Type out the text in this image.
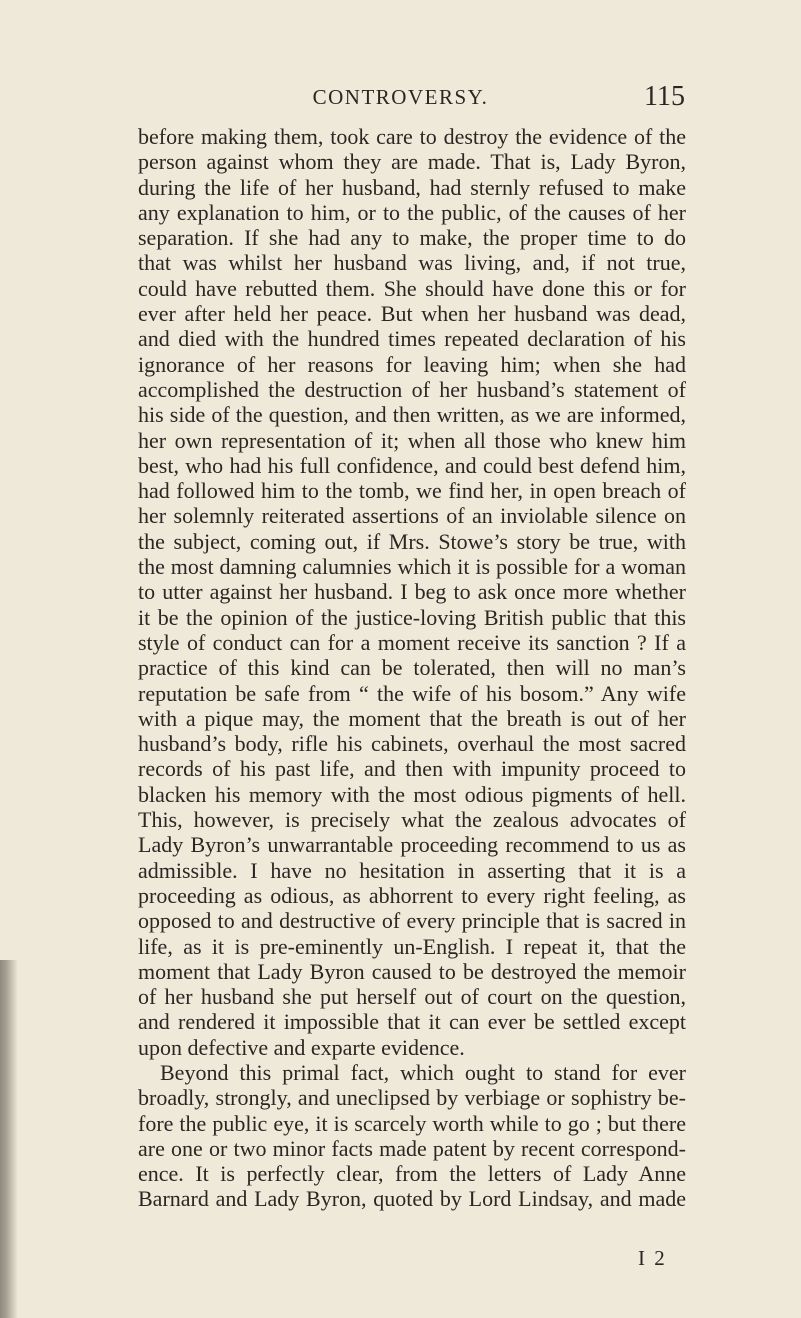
CONTROVERSY.	115
before making them, took care to destroy the evidence of the
person against whom they are made. That is, Lady Byron,
during the life of her husband, had sternly refused to make
any explanation to him, or to the public, of the causes of her
separation. If she had any to make, the proper time to do
that was whilst her husband was living, and, if not true,
could have rebutted them. She should have done this or for
ever after held her peace. But when her husband was dead,
and died with the hundred times repeated declaration of his
ignorance of her reasons for leaving him; when she had
accomplished the destruction of her husband’s statement of
his side of the question, and then written, as we are informed,
her own representation of it; when all those who knew him
best, who had his full confidence, and could best defend him,
had followed him to the tomb, we find her, in open breach of
her solemnly reiterated assertions of an inviolable silence on
the subject, coming out, if Mrs. Stowe’s story be true, with
the most damning calumnies which it is possible for a woman
to utter against her husband. I beg to ask once more whether
it be the opinion of the justice-loving British public that this
style of conduct can for a moment receive its sanction ? If a
practice of this kind can be tolerated, then will no man’s
reputation be safe from “ the wife of his bosom.” Any wife
with a pique may, the moment that the breath is out of her
husband’s body, rifle his cabinets, overhaul the most sacred
records of his past life, and then with impunity proceed to
blacken his memory with the most odious pigments of hell.
This, however, is precisely what the zealous advocates of
Lady Byron’s unwarrantable proceeding recommend to us as
admissible. I have no hesitation in asserting that it is a
proceeding as odious, as abhorrent to every right feeling, as
opposed to and destructive of every principle that is sacred in
life, as it is pre-eminently un-English. I repeat it, that the
moment that Lady Byron caused to be destroyed the memoir
of her husband she put herself out of court on the question,
and rendered it impossible that it can ever be settled except
upon defective and exparte evidence.
Beyond this primal fact, which ought to stand for ever
broadly, strongly, and uneclipsed by verbiage or sophistry be-
fore the public eye, it is scarcely worth while to go ; but there
are one or two minor facts made patent by recent correspond-
ence. It is perfectly clear, from the letters of Lady Anne
Barnard and Lady Byron, quoted by Lord Lindsay, and made
I 2
